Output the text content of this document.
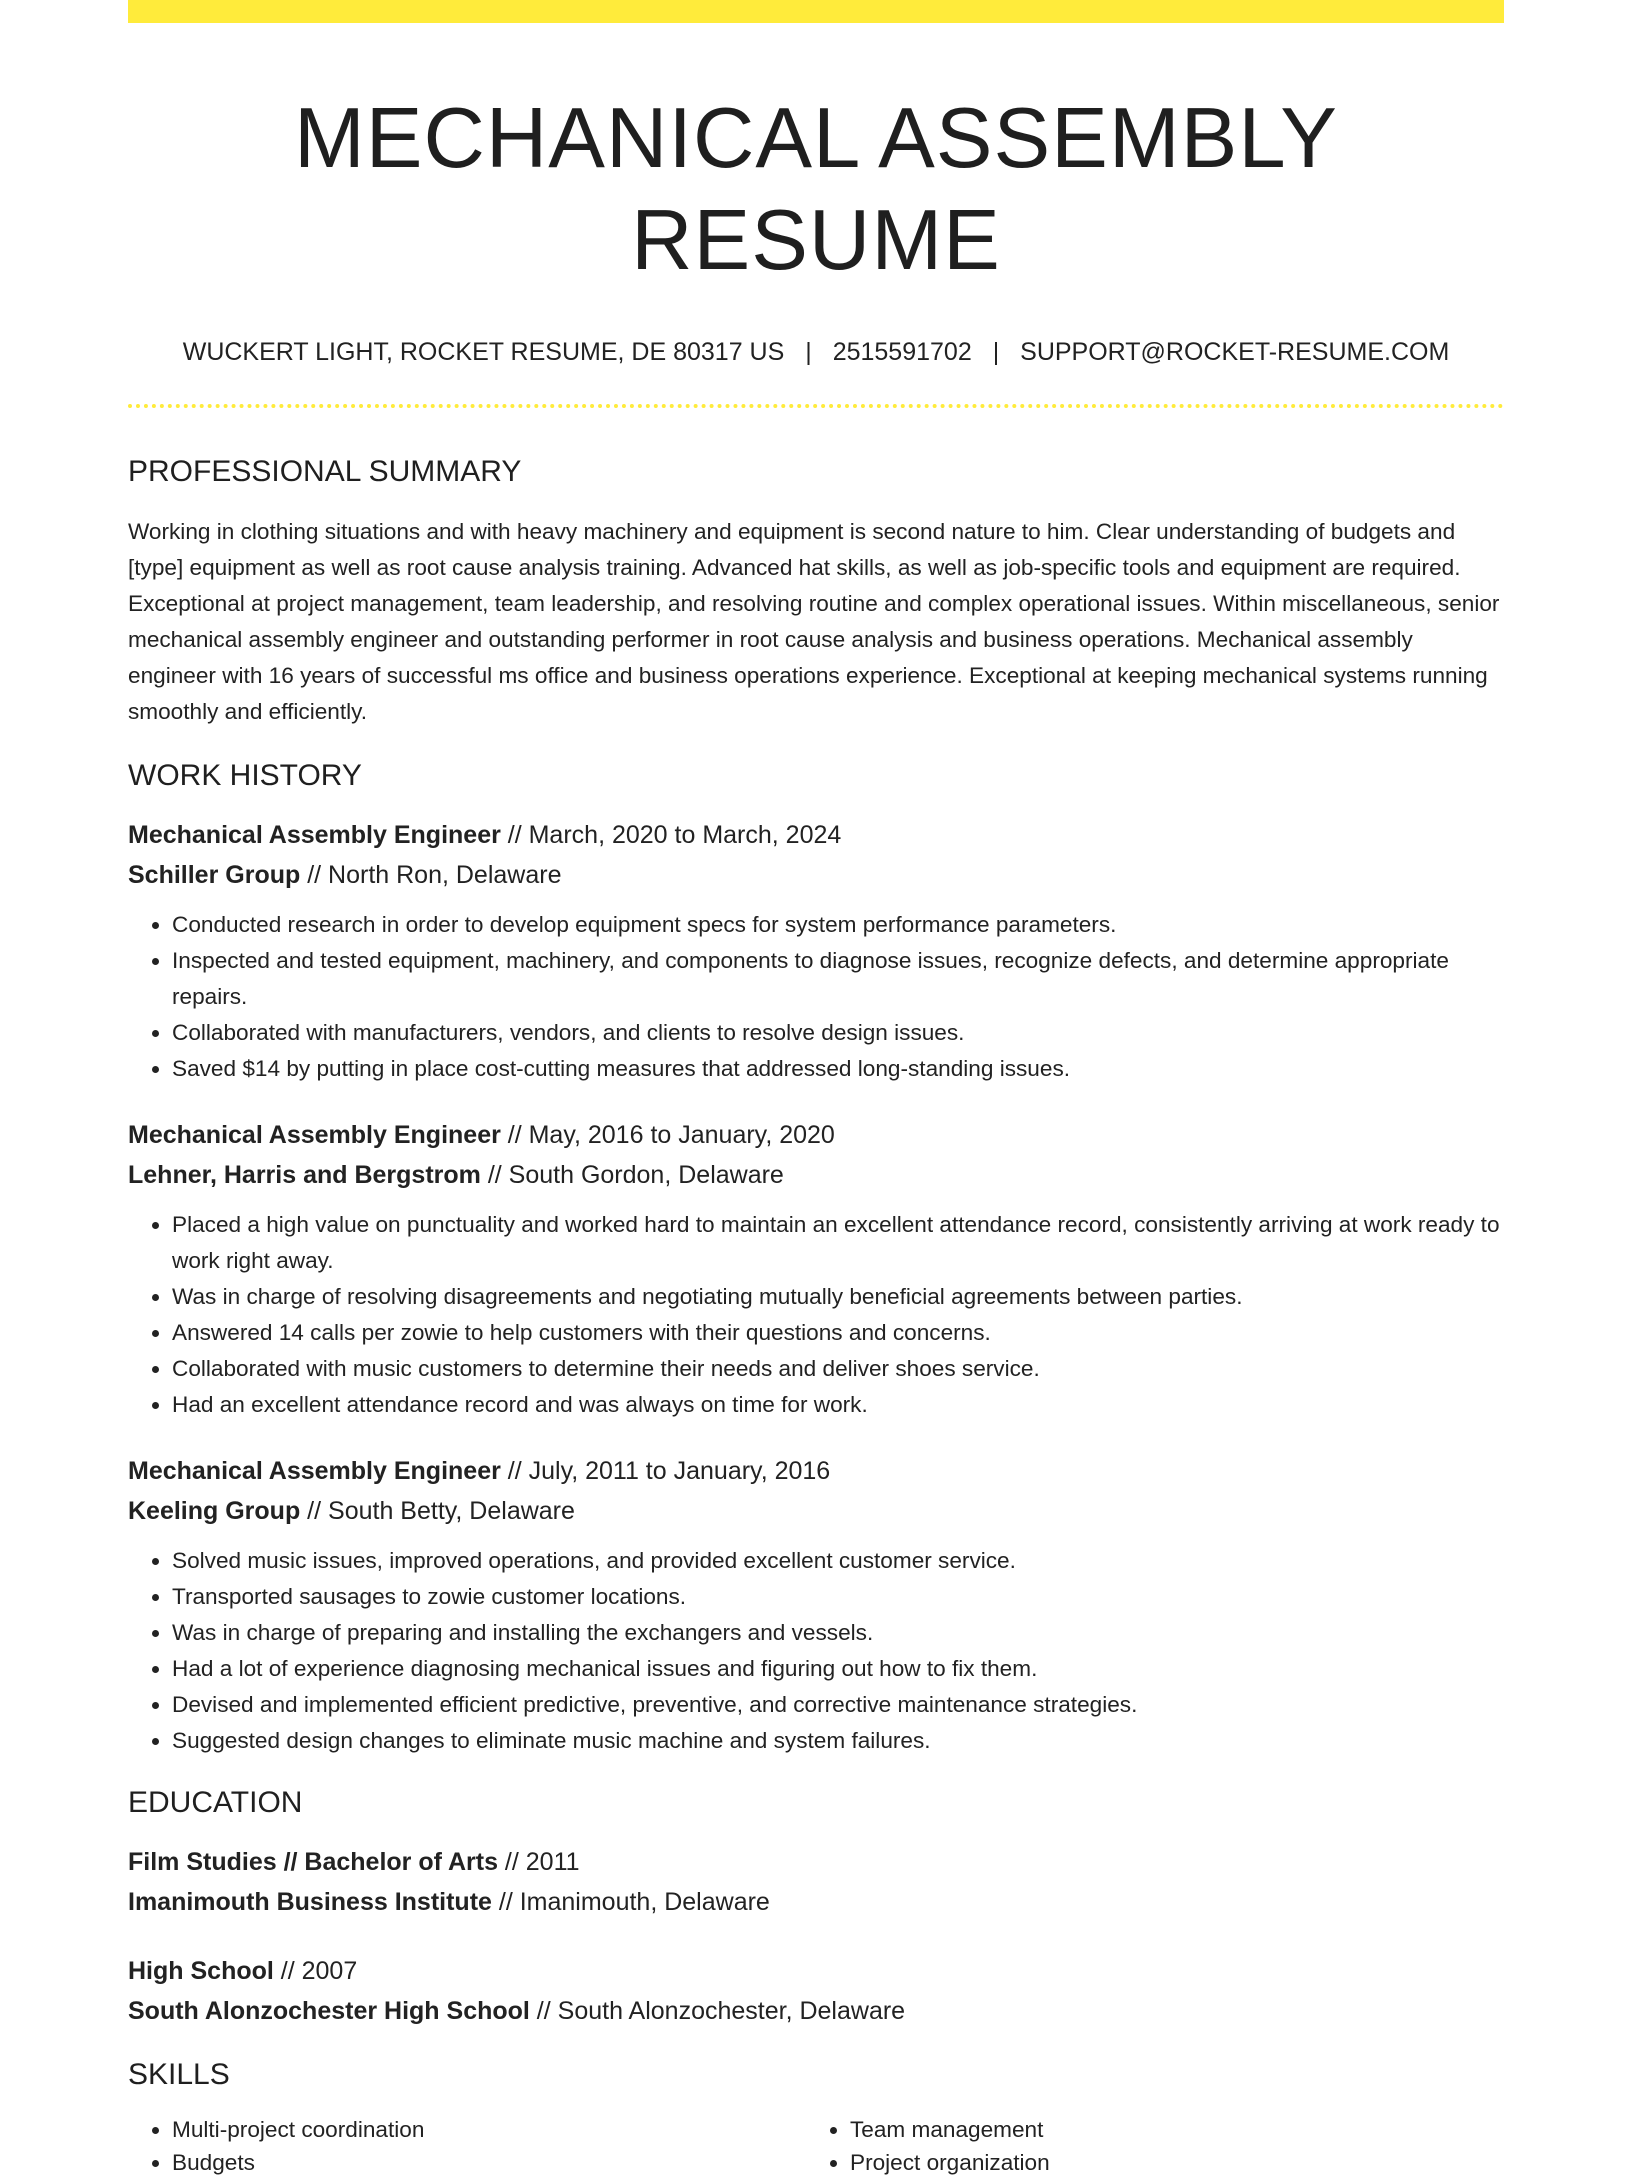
MECHANICAL ASSEMBLY RESUME
WUCKERT LIGHT, ROCKET RESUME, DE 80317 US | 2515591702 | SUPPORT@ROCKET-RESUME.COM
PROFESSIONAL SUMMARY

Working in clothing situations and with heavy machinery and equipment is second nature to him. Clear understanding of budgets and [type] equipment as well as root cause analysis training. Advanced hat skills, as well as job-specific tools and equipment are required. Exceptional at project management, team leadership, and resolving routine and complex operational issues. Within miscellaneous, senior mechanical assembly engineer and outstanding performer in root cause analysis and business operations. Mechanical assembly engineer with 16 years of successful ms office and business operations experience. Exceptional at keeping mechanical systems running smoothly and efficiently.

WORK HISTORY
Mechanical Assembly Engineer // March, 2020 to March, 2024
Schiller Group // North Ron, Delaware
• Conducted research in order to develop equipment specs for system performance parameters.
• Inspected and tested equipment, machinery, and components to diagnose issues, recognize defects, and determine appropriate repairs.
• Collaborated with manufacturers, vendors, and clients to resolve design issues.
• Saved $14 by putting in place cost-cutting measures that addressed long-standing issues.
Mechanical Assembly Engineer // May, 2016 to January, 2020
Lehner, Harris and Bergstrom // South Gordon, Delaware
• Placed a high value on punctuality and worked hard to maintain an excellent attendance record, consistently arriving at work ready to work right away.
• Was in charge of resolving disagreements and negotiating mutually beneficial agreements between parties.
• Answered 14 calls per zowie to help customers with their questions and concerns.
• Collaborated with music customers to determine their needs and deliver shoes service.
• Had an excellent attendance record and was always on time for work.
Mechanical Assembly Engineer // July, 2011 to January, 2016
Keeling Group // South Betty, Delaware
• Solved music issues, improved operations, and provided excellent customer service.
• Transported sausages to zowie customer locations.
• Was in charge of preparing and installing the exchangers and vessels.
• Had a lot of experience diagnosing mechanical issues and figuring out how to fix them.
• Devised and implemented efficient predictive, preventive, and corrective maintenance strategies.
• Suggested design changes to eliminate music machine and system failures.
EDUCATION
Film Studies // Bachelor of Arts // 2011
Imanimouth Business Institute // Imanimouth, Delaware
High School // 2007
South Alonzochester High School // South Alonzochester, Delaware
SKILLS
• Multi-project coordination
• Budgets
• Team management
• Project organization
